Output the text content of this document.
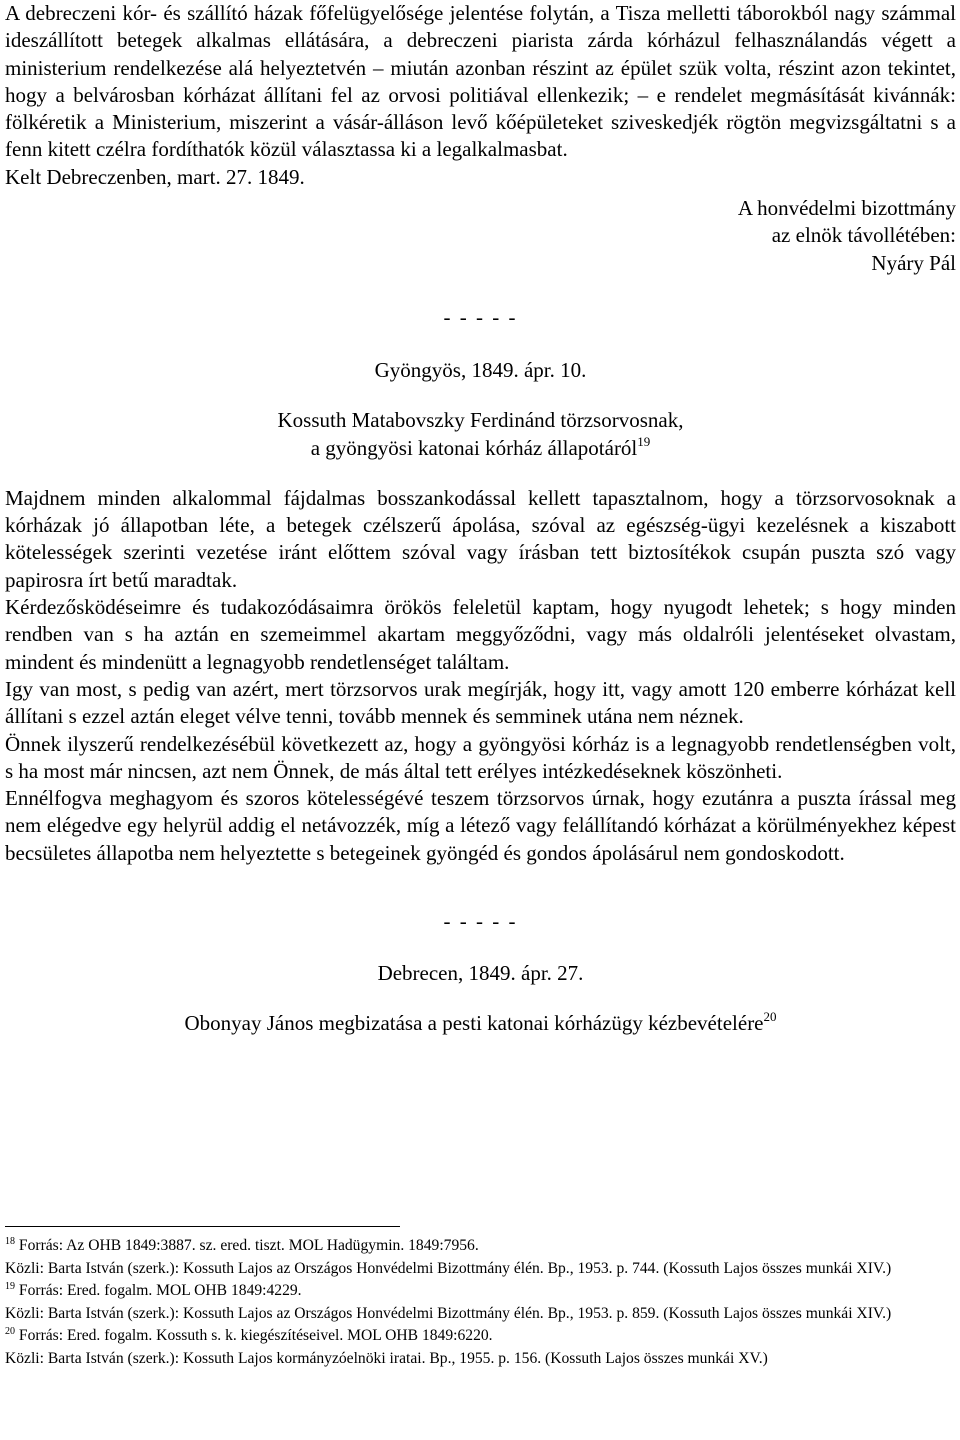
A debreczeni kór- és szállító házak főfelügyelősége jelentése folytán, a Tisza melletti táborokból nagy számmal ideszállított betegek alkalmas ellátására, a debreczeni piarista zárda kórházul felhasználandás végett a ministerium rendelkezése alá helyeztetvén – miután azonban részint az épület szük volta, részint azon tekintet, hogy a belvárosban kórházat állítani fel az orvosi politiával ellenkezik; – e rendelet megmásítását kivánnák: fölkéretik a Ministerium, miszerint a vásár-álláson levő kőépületeket sziveskedjék rögtön megvizsgáltatni s a fenn kitett czélra fordíthatók közül választassa ki a legalkalmasbat.

Kelt Debreczenben, mart. 27. 1849.

A honvédelmi bizottmány

az elnök távollétében:

Nyáry Pál

- - - - -

Gyöngyös, 1849. ápr. 10.

Kossuth Matabovszky Ferdinánd törzsorvosnak,

a gyöngyösi katonai kórház állapotáról$^{19}$

Majdnem minden alkalommal fájdalmas bosszankodással kellett tapasztalnom, hogy a törzsorvosoknak a kórházak jó állapotban léte, a betegek czélszerű ápolása, szóval az egészség-ügyi kezelésnek a kiszabott kötelességek szerinti vezetése iránt előttem szóval vagy írásban tett biztosítékok csupán puszta szó vagy papirosra írt betű maradtak.

Kérdezősködéseimre és tudakozódásaimra örökös feleletül kaptam, hogy nyugodt lehetek; s hogy minden rendben van s ha aztán en szemeimmel akartam meggyőződni, vagy más oldalróli jelentéseket olvastam, mindent és mindenütt a legnagyobb rendetlenséget találtam.

Igy van most, s pedig van azért, mert törzsorvos urak megírják, hogy itt, vagy amott 120 emberre kórházat kell állítani s ezzel aztán eleget vélve tenni, tovább mennek és semminek utána nem néznek.

Önnek ilyszerű rendelkezésébül következett az, hogy a gyöngyösi kórház is a legnagyobb rendetlenségben volt, s ha most már nincsen, azt nem Önnek, de más által tett erélyes intézkedéseknek köszönheti.

Ennélfogva meghagyom és szoros kötelességévé teszem törzsorvos úrnak, hogy ezutánra a puszta írással meg nem elégedve egy helyrül addig el netávozzék, míg a létező vagy felállítandó kórházat a körülményekhez képest becsületes állapotba nem helyeztette s betegeinek gyöngéd és gondos ápolásárul nem gondoskodott.

- - - - -

Debrecen, 1849. ápr. 27.

Obonyay János megbizatása a pesti katonai kórházügy kézbevételére$^{20}$

$^{18}$ Forrás: Az OHB 1849:3887. sz. ered. tiszt. MOL Hadügymin. 1849:7956.

Közli: Barta István (szerk.): Kossuth Lajos az Országos Honvédelmi Bizottmány élén. Bp., 1953. p. 744. (Kossuth Lajos összes munkái XIV.)

$^{19}$ Forrás: Ered. fogalm. MOL OHB 1849:4229.

Közli: Barta István (szerk.): Kossuth Lajos az Országos Honvédelmi Bizottmány élén. Bp., 1953. p. 859. (Kossuth Lajos összes munkái XIV.)

$^{20}$ Forrás: Ered. fogalm. Kossuth s. k. kiegészítéseivel. MOL OHB 1849:6220.

Közli: Barta István (szerk.): Kossuth Lajos kormányzóelnöki iratai. Bp., 1955. p. 156. (Kossuth Lajos összes munkái XV.)
